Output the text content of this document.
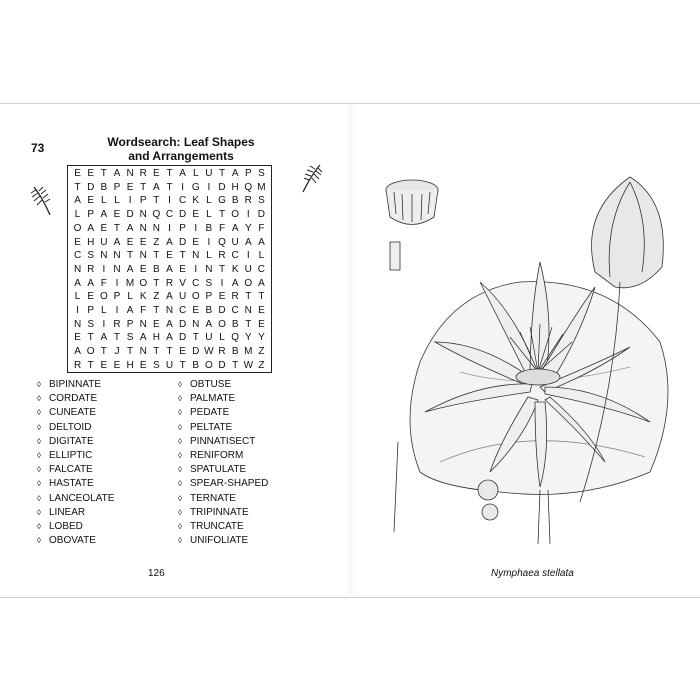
73	Wordsearch: Leaf Shapes
and Arrangements
E E T A N R E T A L U T A P S
T D B P E T A T I G I D H Q M
A E L L I P T I C K L G B R S
L P A E D N Q C D E L T O I D
O A E T A N N I P I B F A Y F
E H U A E E Z A D E I Q U A A
C S N N T N T E T N L R C I L
N R I N A E B A E I N T K U C
A A F I M O T R V C S I A O A
L E O P L K Z A U O P E R T T
I P L I A F T N C E B D C N E
N S I R P N E A D N A O B T E
E T A T S A H A D T U L Q Y Y
A O T J T N T T E D W R B M Z
R T E E H E S U T B O D T W Z
◊ BIPINNATE
◊ CORDATE
◊ CUNEATE
◊ DELTOID
◊ DIGITATE
◊ ELLIPTIC
◊ FALCATE
◊ HASTATE
◊ LANCEOLATE
◊ LINEAR
◊ LOBED
◊ OBOVATE
◊ OBTUSE
◊ PALMATE
◊ PEDATE
◊ PELTATE
◊ PINNATISECT
◊ RENIFORM
◊ SPATULATE
◊ SPEAR-SHAPED
◊ TERNATE
◊ TRIPINNATE
◊ TRUNCATE
◊ UNIFOLIATE
126	Nymphaea stellata
